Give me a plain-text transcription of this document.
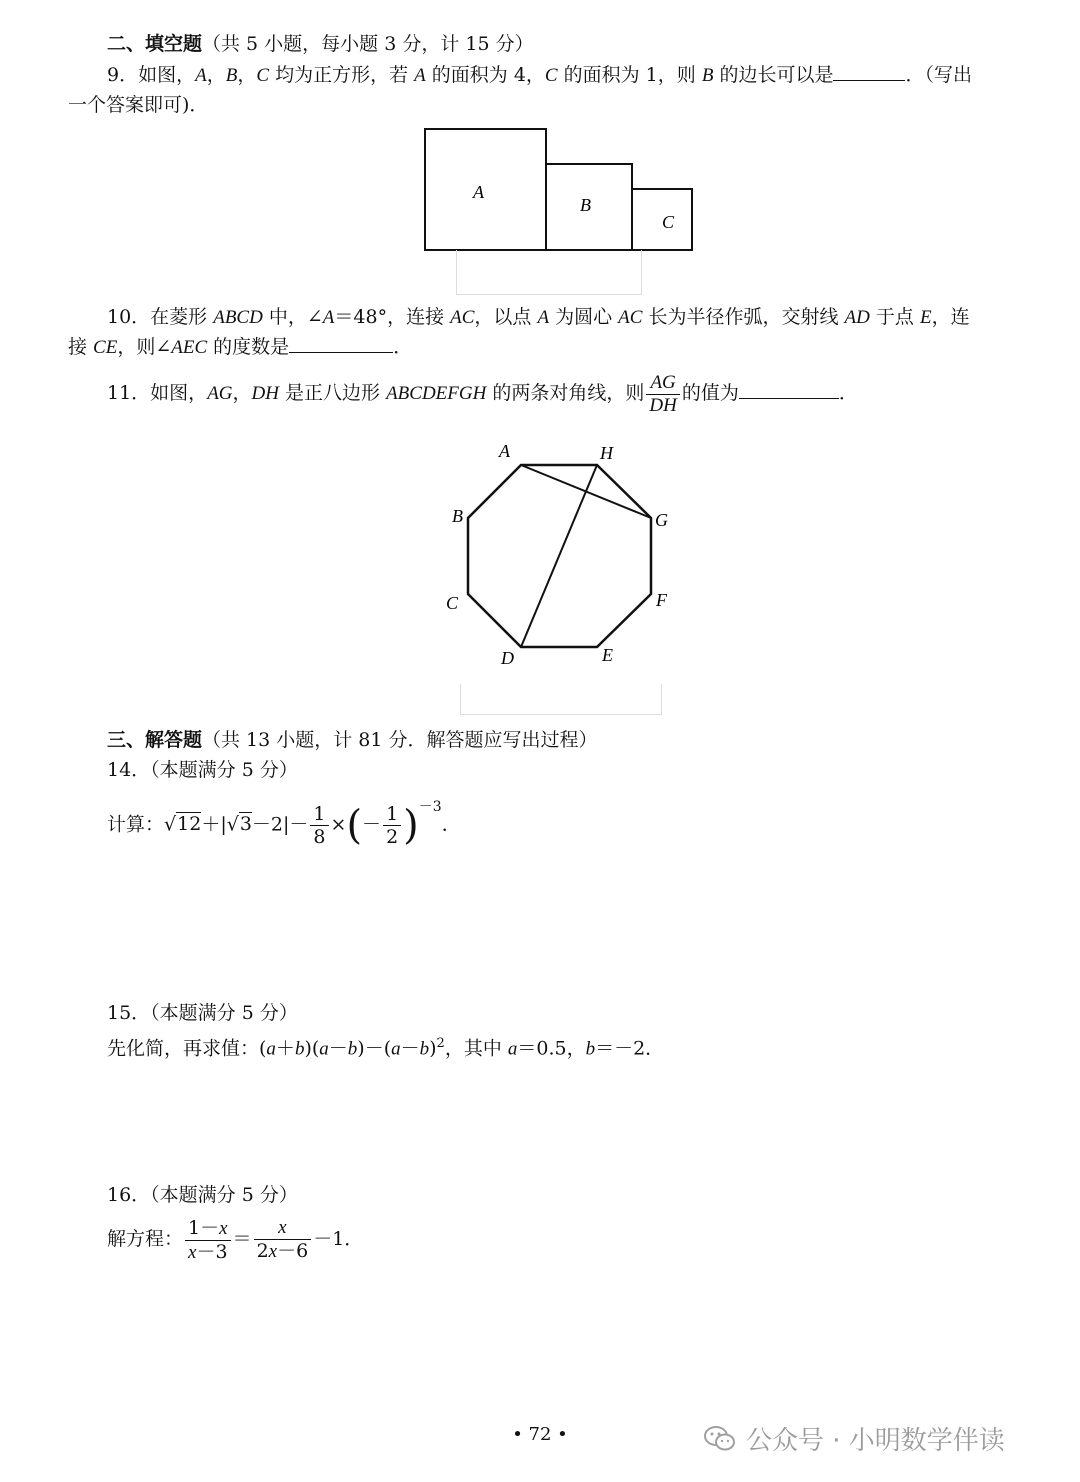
二、填空题（共 5 小题，每小题 3 分，计 15 分）
9．如图，A，B，C 均为正方形，若 A 的面积为 4，C 的面积为 1，则 B 的边长可以是	．（写出
一个答案即可)．
A
B
C
10．在菱形 ABCD 中，∠A＝48°，连接 AC，以点 A 为圆心 AC 长为半径作弧，交射线 AD 于点 E，连
接 CE，则∠AEC 的度数是	．
11．如图，AG，DH 是正八边形 ABCDEFGH 的两条对角线，则 $\frac{AG}{DH}$ 的值为	．
A	H
B	G
C	F
D	E
三、解答题（共 13 小题，计 81 分．解答题应写出过程）
14．（本题满分 5 分）
计算：$√12+|√3-2|- \frac{1}{8}$ ×(－ $\frac{1}{2} )^{-3}$．
15．（本题满分 5 分）
先化简，再求值：$(a+b)(a-b)-(a-b)^2$，其中 a＝0.5，b＝－2．
16．（本题满分 5 分）
解方程： $\frac{1-x}{x-3} = \frac{x}{2x-6} -1$．
• 72 •	公众号 · 小明数学伴读
